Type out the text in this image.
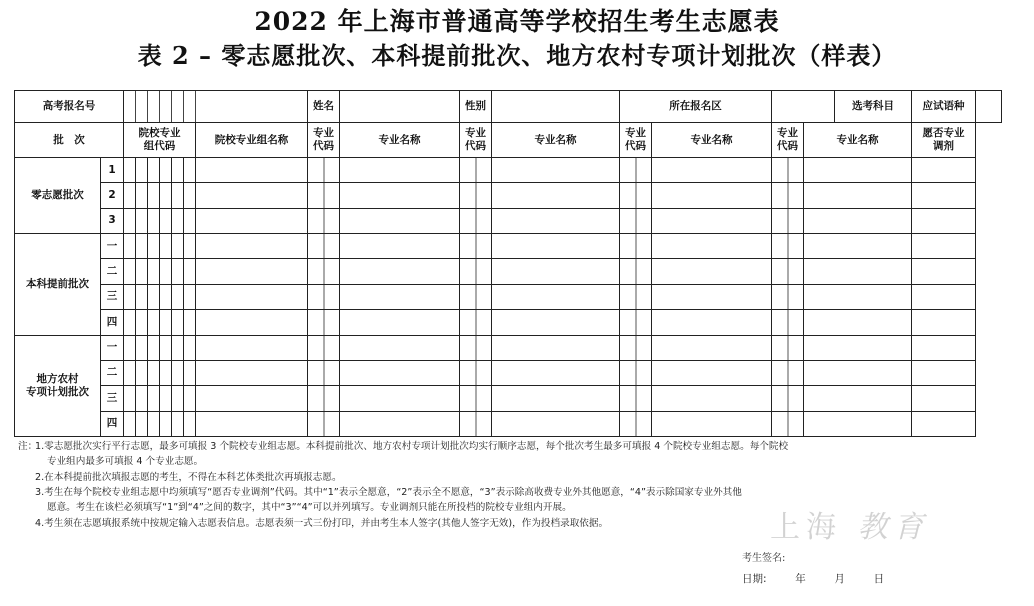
2022 年上海市普通高等学校招生考生志愿表
表 2 – 零志愿批次、本科提前批次、地方农村专项计划批次（样表）
高考报名号									姓名		性别		所在报名区		选考科目		应试语种	
批　次		院校专业组代码						院校专业组名称	专业代码	专业名称	专业代码	专业名称	专业代码	专业名称	专业代码	专业名称	愿否专业调剂	

零志愿批次	1																	
	2																	
	3																	

本科提前批次	一																	
	二																	
	三																	
	四																	

地方农村
专项计划批次	一																	
	二																	
	三																	
	四																	
注：
1.零志愿批次实行平行志愿，最多可填报 3 个院校专业组志愿。本科提前批次、地方农村专项计划批次均实行顺序志愿，每个批次考生最多可填报 4 个院校专业组志愿。每个院校
专业组内最多可填报 4 个专业志愿。
2.在本科提前批次填报志愿的考生，不得在本科艺体类批次再填报志愿。
3.考生在每个院校专业组志愿中均须填写“愿否专业调剂”代码。其中“1”表示全愿意，“2”表示全不愿意，“3”表示除高收费专业外其他愿意，“4”表示除国家专业外其他
愿意。考生在该栏必须填写“1”到“4”之间的数字，其中“3”“4”可以并列填写。专业调剂只能在所投档的院校专业组内开展。
4.考生须在志愿填报系统中按规定输入志愿表信息。志愿表须一式三份打印，并由考生本人签字(其他人签字无效)，作为投档录取依据。	上海 教育
考生签名:
日期:	年	月	日
